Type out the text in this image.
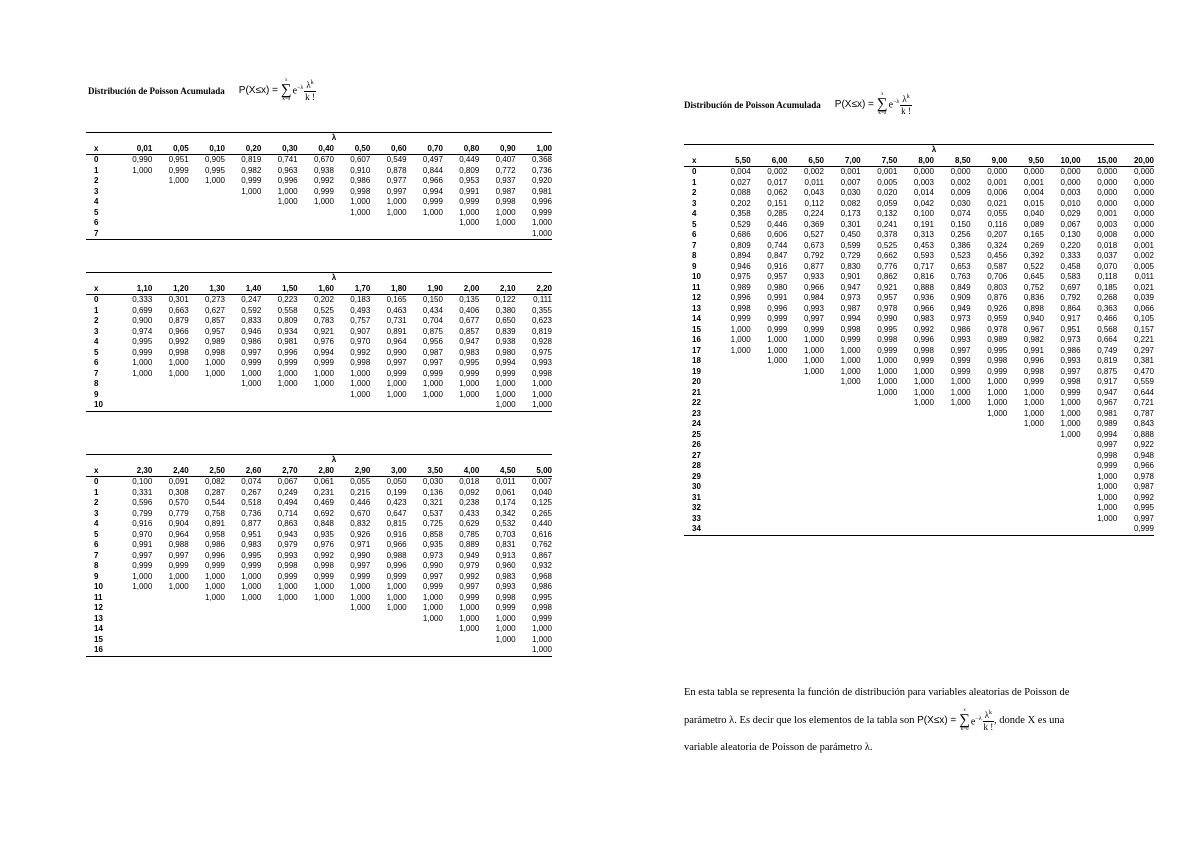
Distribución de Poisson Acumulada P(X≤x) =
x
∑
k=0
$e^{-\lambda} \frac{\lambda^k}{k !}$
Distribución de Poisson Acumulada P(X≤x) =
x
∑
k=0
$e^{-\lambda} \frac{\lambda^k}{k !}$
	λ											
x	0,01	0,05	0,10	0,20	0,30	0,40	0,50	0,60	0,70	0,80	0,90	1,00
0	0,990	0,951	0,905	0,819	0,741	0,670	0,607	0,549	0,497	0,449	0,407	0,368
1	1,000	0,999	0,995	0,982	0,963	0,938	0,910	0,878	0,844	0,809	0,772	0,736
2		1,000	1,000	0,999	0,996	0,992	0,986	0,977	0,966	0,953	0,937	0,920
3				1,000	1,000	0,999	0,998	0,997	0,994	0,991	0,987	0,981
4					1,000	1,000	1,000	1,000	0,999	0,999	0,998	0,996
5							1,000	1,000	1,000	1,000	1,000	0,999
6										1,000	1,000	1,000
7												1,000
	λ											
x	1,10	1,20	1,30	1,40	1,50	1,60	1,70	1,80	1,90	2,00	2,10	2,20
0	0,333	0,301	0,273	0,247	0,223	0,202	0,183	0,165	0,150	0,135	0,122	0,111
1	0,699	0,663	0,627	0,592	0,558	0,525	0,493	0,463	0,434	0,406	0,380	0,355
2	0,900	0,879	0,857	0,833	0,809	0,783	0,757	0,731	0,704	0,677	0,650	0,623
3	0,974	0,966	0,957	0,946	0,934	0,921	0,907	0,891	0,875	0,857	0,839	0,819
4	0,995	0,992	0,989	0,986	0,981	0,976	0,970	0,964	0,956	0,947	0,938	0,928
5	0,999	0,998	0,998	0,997	0,996	0,994	0,992	0,990	0,987	0,983	0,980	0,975
6	1,000	1,000	1,000	0,999	0,999	0,999	0,998	0,997	0,997	0,995	0,994	0,993
7	1,000	1,000	1,000	1,000	1,000	1,000	1,000	0,999	0,999	0,999	0,999	0,998
8				1,000	1,000	1,000	1,000	1,000	1,000	1,000	1,000	1,000
9							1,000	1,000	1,000	1,000	1,000	1,000
10											1,000	1,000
	λ											
x	2,30	2,40	2,50	2,60	2,70	2,80	2,90	3,00	3,50	4,00	4,50	5,00
0	0,100	0,091	0,082	0,074	0,067	0,061	0,055	0,050	0,030	0,018	0,011	0,007
1	0,331	0,308	0,287	0,267	0,249	0,231	0,215	0,199	0,136	0,092	0,061	0,040
2	0,596	0,570	0,544	0,518	0,494	0,469	0,446	0,423	0,321	0,238	0,174	0,125
3	0,799	0,779	0,758	0,736	0,714	0,692	0,670	0,647	0,537	0,433	0,342	0,265
4	0,916	0,904	0,891	0,877	0,863	0,848	0,832	0,815	0,725	0,629	0,532	0,440
5	0,970	0,964	0,958	0,951	0,943	0,935	0,926	0,916	0,858	0,785	0,703	0,616
6	0,991	0,988	0,986	0,983	0,979	0,976	0,971	0,966	0,935	0,889	0,831	0,762
7	0,997	0,997	0,996	0,995	0,993	0,992	0,990	0,988	0,973	0,949	0,913	0,867
8	0,999	0,999	0,999	0,999	0,998	0,998	0,997	0,996	0,990	0,979	0,960	0,932
9	1,000	1,000	1,000	1,000	0,999	0,999	0,999	0,999	0,997	0,992	0,983	0,968
10	1,000	1,000	1,000	1,000	1,000	1,000	1,000	1,000	0,999	0,997	0,993	0,986
11			1,000	1,000	1,000	1,000	1,000	1,000	1,000	0,999	0,998	0,995
12							1,000	1,000	1,000	1,000	0,999	0,998
13									1,000	1,000	1,000	0,999
14										1,000	1,000	1,000
15											1,000	1,000
16												1,000
	λ											
x	5,50	6,00	6,50	7,00	7,50	8,00	8,50	9,00	9,50	10,00	15,00	20,00
0	0,004	0,002	0,002	0,001	0,001	0,000	0,000	0,000	0,000	0,000	0,000	0,000
1	0,027	0,017	0,011	0,007	0,005	0,003	0,002	0,001	0,001	0,000	0,000	0,000
2	0,088	0,062	0,043	0,030	0,020	0,014	0,009	0,006	0,004	0,003	0,000	0,000
3	0,202	0,151	0,112	0,082	0,059	0,042	0,030	0,021	0,015	0,010	0,000	0,000
4	0,358	0,285	0,224	0,173	0,132	0,100	0,074	0,055	0,040	0,029	0,001	0,000
5	0,529	0,446	0,369	0,301	0,241	0,191	0,150	0,116	0,089	0,067	0,003	0,000
6	0,686	0,606	0,527	0,450	0,378	0,313	0,256	0,207	0,165	0,130	0,008	0,000
7	0,809	0,744	0,673	0,599	0,525	0,453	0,386	0,324	0,269	0,220	0,018	0,001
8	0,894	0,847	0,792	0,729	0,662	0,593	0,523	0,456	0,392	0,333	0,037	0,002
9	0,946	0,916	0,877	0,830	0,776	0,717	0,653	0,587	0,522	0,458	0,070	0,005
10	0,975	0,957	0,933	0,901	0,862	0,816	0,763	0,706	0,645	0,583	0,118	0,011
11	0,989	0,980	0,966	0,947	0,921	0,888	0,849	0,803	0,752	0,697	0,185	0,021
12	0,996	0,991	0,984	0,973	0,957	0,936	0,909	0,876	0,836	0,792	0,268	0,039
13	0,998	0,996	0,993	0,987	0,978	0,966	0,949	0,926	0,898	0,864	0,363	0,066
14	0,999	0,999	0,997	0,994	0,990	0,983	0,973	0,959	0,940	0,917	0,466	0,105
15	1,000	0,999	0,999	0,998	0,995	0,992	0,986	0,978	0,967	0,951	0,568	0,157
16	1,000	1,000	1,000	0,999	0,998	0,996	0,993	0,989	0,982	0,973	0,664	0,221
17	1,000	1,000	1,000	1,000	0,999	0,998	0,997	0,995	0,991	0,986	0,749	0,297
18		1,000	1,000	1,000	1,000	0,999	0,999	0,998	0,996	0,993	0,819	0,381
19			1,000	1,000	1,000	1,000	0,999	0,999	0,998	0,997	0,875	0,470
20				1,000	1,000	1,000	1,000	1,000	0,999	0,998	0,917	0,559
21					1,000	1,000	1,000	1,000	1,000	0,999	0,947	0,644
22						1,000	1,000	1,000	1,000	1,000	0,967	0,721
23								1,000	1,000	1,000	0,981	0,787
24									1,000	1,000	0,989	0,843
25										1,000	0,994	0,888
26											0,997	0,922
27											0,998	0,948
28											0,999	0,966
29											1,000	0,978
30											1,000	0,987
31											1,000	0,992
32											1,000	0,995
33											1,000	0,997
34												0,999
En esta tabla se representa la función de distribución para variables aleatorias de Poisson de
parámetro λ. Es decir que los elementos de la tabla son
P(X≤x) =
x
∑
k=0
$e^{-\lambda} \frac{\lambda^k}{k !}$ , donde X es una
variable aleatoria de Poisson de parámetro λ.
